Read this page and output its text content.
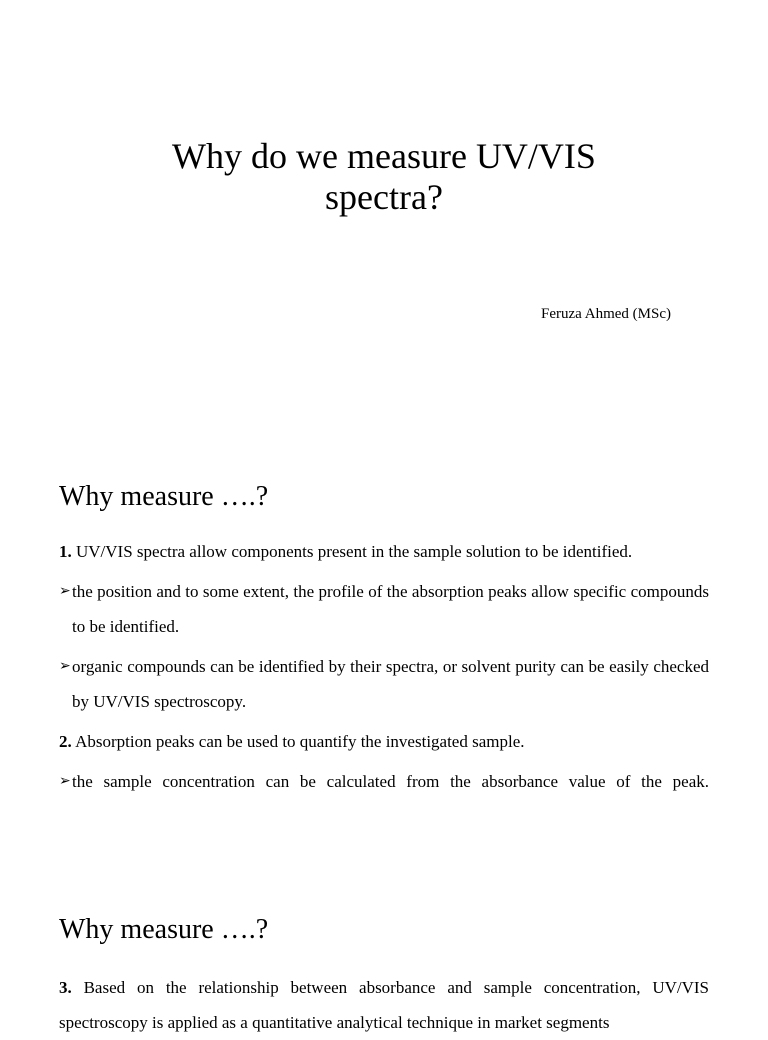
Why do we measure UV/VIS
spectra?
Feruza Ahmed (MSc)
Why measure ….?
1. UV/VIS spectra allow components present in the sample solution to be identified.
➢ the position and to some extent, the profile of the absorption peaks allow specific compounds to be identified.
➢ organic compounds can be identified by their spectra, or solvent purity can be easily checked by UV/VIS spectroscopy.
2. Absorption peaks can be used to quantify the investigated sample.
➢ the sample concentration can be calculated from the absorbance value of the peak.
Why measure ….?
3. Based on the relationship between absorbance and sample concentration, UV/VIS
spectroscopy is applied as a quantitative analytical technique in market segments
